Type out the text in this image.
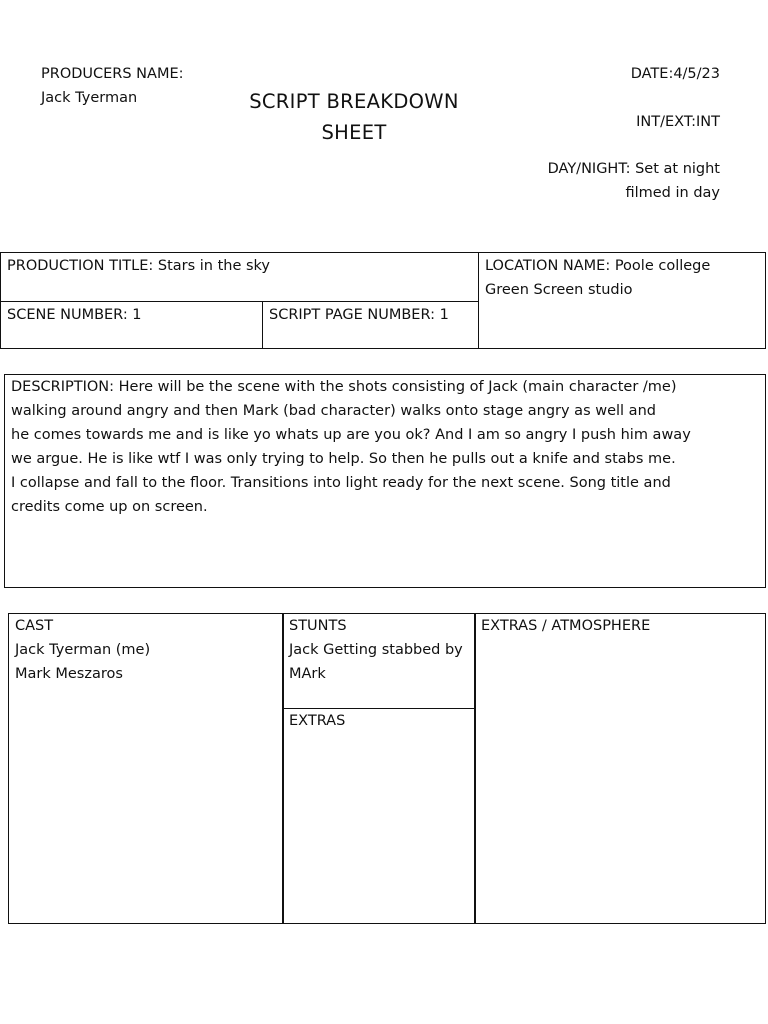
PRODUCERS NAME:
Jack Tyerman	SCRIPT BREAKDOWN
SHEET
DATE:4/5/23
INT/EXT:INT
DAY/NIGHT: Set at night
filmed in day
PRODUCTION TITLE: Stars in the sky	LOCATION NAME: Poole college
Green Screen studio
SCENE NUMBER: 1	SCRIPT PAGE NUMBER: 1
DESCRIPTION: Here will be the scene with the shots consisting of Jack (main character /me)
walking around angry and then Mark (bad character) walks onto stage angry as well and
he comes towards me and is like yo whats up are you ok? And I am so angry I push him away
we argue. He is like wtf I was only trying to help. So then he pulls out a knife and stabs me.
I collapse and fall to the floor. Transitions into light ready for the next scene. Song title and
credits come up on screen.
CAST
Jack Tyerman (me)
Mark Meszaros
STUNTS
Jack Getting stabbed by
MArk
EXTRAS
EXTRAS / ATMOSPHERE
